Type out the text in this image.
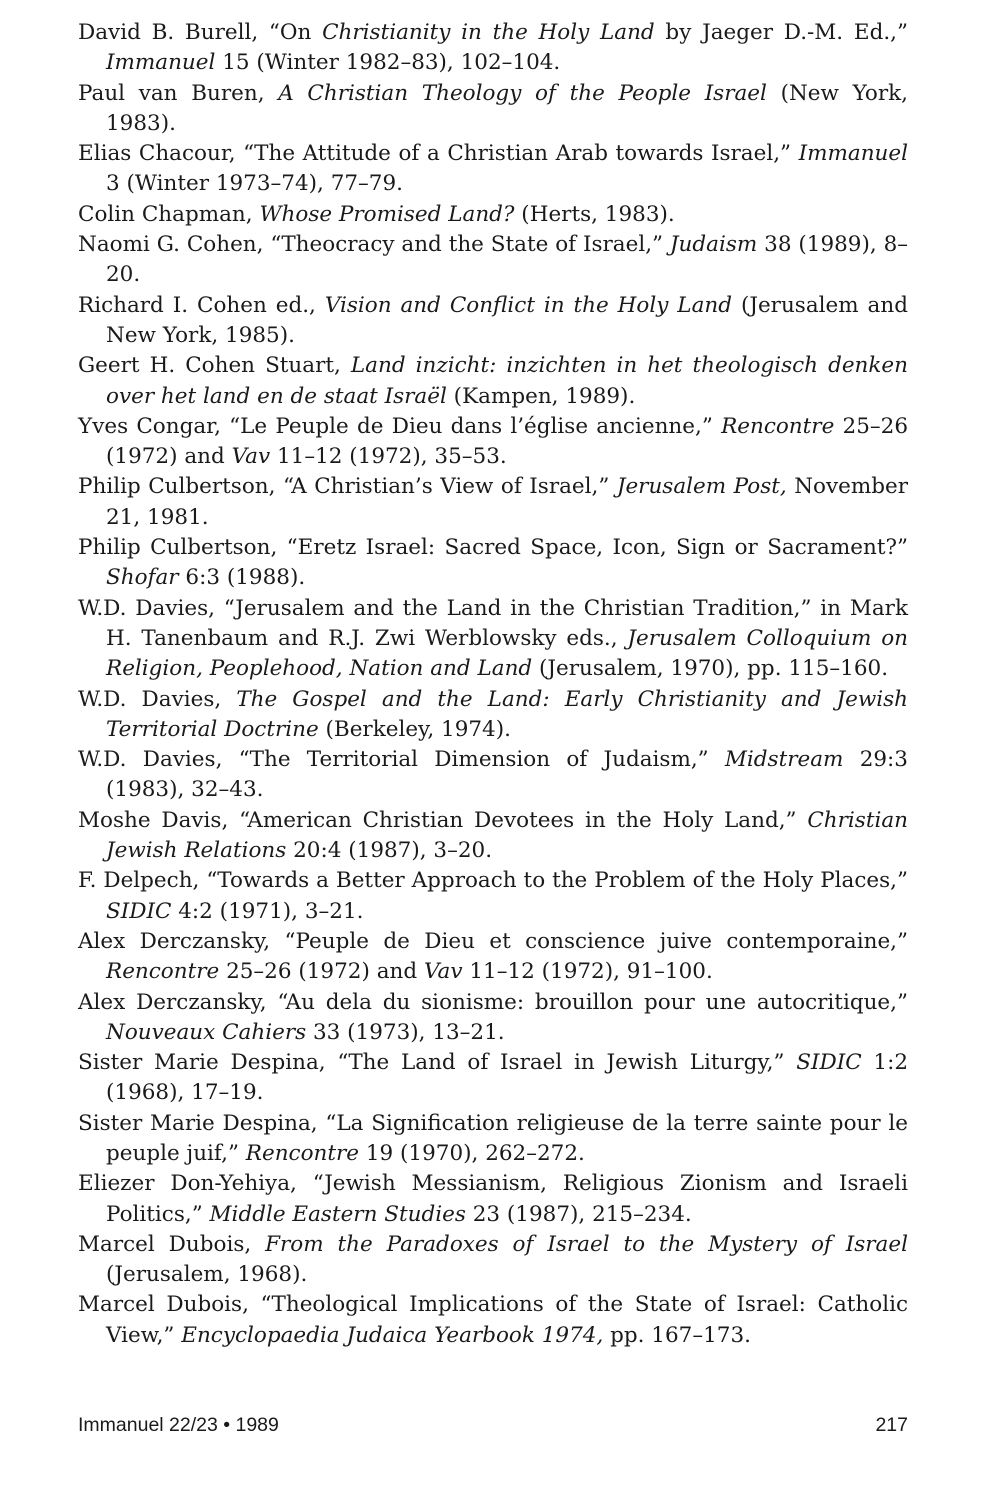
David B. Burell, “On Christianity in the Holy Land by Jaeger D.-M. Ed.,” Immanuel 15 (Winter 1982–83), 102–104.

Paul van Buren, A Christian Theology of the People Israel (New York, 1983).

Elias Chacour, “The Attitude of a Christian Arab towards Israel,” Immanuel 3 (Winter 1973–74), 77–79.

Colin Chapman, Whose Promised Land? (Herts, 1983).

Naomi G. Cohen, “Theocracy and the State of Israel,” Judaism 38 (1989), 8–20.

Richard I. Cohen ed., Vision and Conflict in the Holy Land (Jerusalem and New York, 1985).

Geert H. Cohen Stuart, Land inzicht: inzichten in het theologisch denken over het land en de staat Israël (Kampen, 1989).

Yves Congar, “Le Peuple de Dieu dans l’église ancienne,” Rencontre 25–26 (1972) and Vav 11–12 (1972), 35–53.

Philip Culbertson, “A Christian’s View of Israel,” Jerusalem Post, November 21, 1981.

Philip Culbertson, “Eretz Israel: Sacred Space, Icon, Sign or Sacrament?” Shofar 6:3 (1988).

W.D. Davies, “Jerusalem and the Land in the Christian Tradition,” in Mark H. Tanenbaum and R.J. Zwi Werblowsky eds., Jerusalem Colloquium on Religion, Peoplehood, Nation and Land (Jerusalem, 1970), pp. 115–160.

W.D. Davies, The Gospel and the Land: Early Christianity and Jewish Territorial Doctrine (Berkeley, 1974).

W.D. Davies, “The Territorial Dimension of Judaism,” Midstream 29:3 (1983), 32–43.

Moshe Davis, “American Christian Devotees in the Holy Land,” Christian Jewish Relations 20:4 (1987), 3–20.

F. Delpech, “Towards a Better Approach to the Problem of the Holy Places,” SIDIC 4:2 (1971), 3–21.

Alex Derczansky, “Peuple de Dieu et conscience juive contemporaine,” Rencontre 25–26 (1972) and Vav 11–12 (1972), 91–100.

Alex Derczansky, “Au dela du sionisme: brouillon pour une autocritique,” Nouveaux Cahiers 33 (1973), 13–21.

Sister Marie Despina, “The Land of Israel in Jewish Liturgy,” SIDIC 1:2 (1968), 17–19.

Sister Marie Despina, “La Signification religieuse de la terre sainte pour le peuple juif,” Rencontre 19 (1970), 262–272.

Eliezer Don-Yehiya, “Jewish Messianism, Religious Zionism and Israeli Politics,” Middle Eastern Studies 23 (1987), 215–234.

Marcel Dubois, From the Paradoxes of Israel to the Mystery of Israel (Jerusalem, 1968).

Marcel Dubois, “Theological Implications of the State of Israel: Catholic View,” Encyclopaedia Judaica Yearbook 1974, pp. 167–173.

Immanuel 22/23 • 1989	217
